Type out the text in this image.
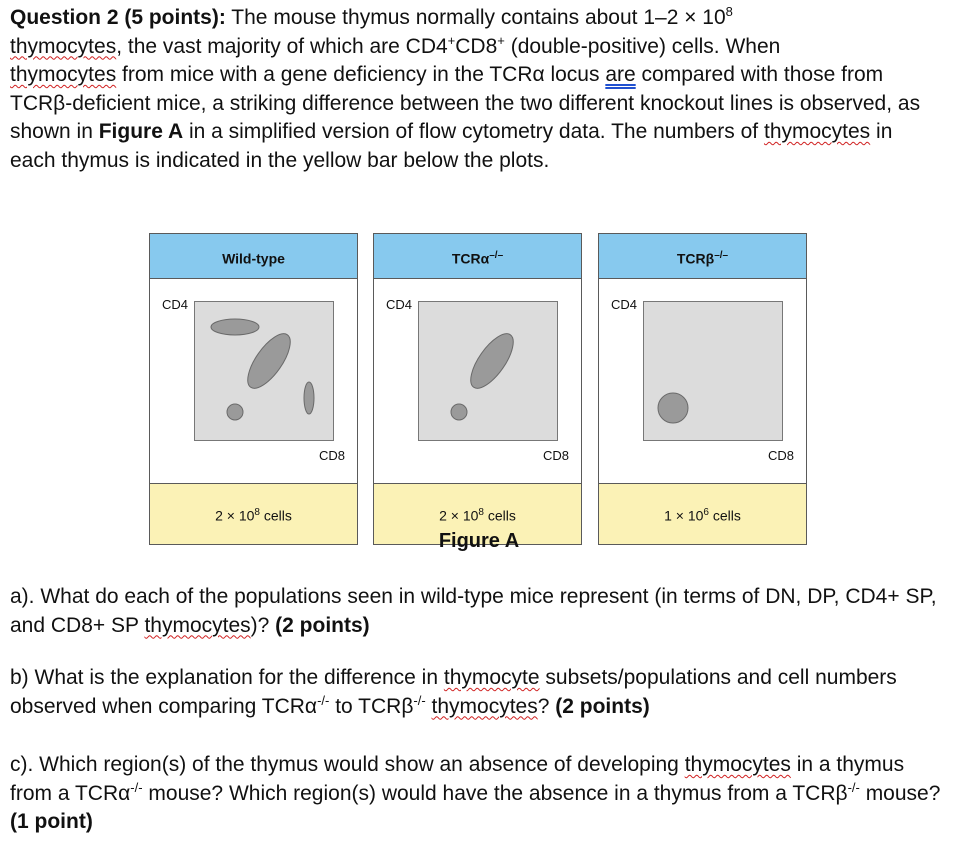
Question 2 (5 points): The mouse thymus normally contains about $1-2 \times 10^8$
thymocytes, the vast majority of which are CD4+CD8+ (double-positive) cells. When
thymocytes from mice with a gene deficiency in the TCRα locus are compared with those from TCRβ-deficient mice, a striking difference between the two different knockout lines is observed, as shown in Figure A in a simplified version of flow cytometry data. The numbers of thymocytes in each thymus is indicated in the yellow bar below the plots.
Wild-type
CD4
CD8
$2 \times 10^8$ cells
TCRα–/–
CD4
CD8
$2 \times 10^8$ cells
TCRβ–/–
CD4
CD8
$1 \times 10^6$ cells
Figure A
a). What do each of the populations seen in wild-type mice represent (in terms of DN, DP, CD4+ SP, and CD8+ SP thymocytes)? (2 points)
b) What is the explanation for the difference in thymocyte subsets/populations and cell numbers observed when comparing TCRα-/- to TCRβ-/- thymocytes? (2 points)
c). Which region(s) of the thymus would show an absence of developing thymocytes in a thymus from a TCRα-/- mouse? Which region(s) would have the absence in a thymus from a TCRβ-/- mouse? (1 point)
